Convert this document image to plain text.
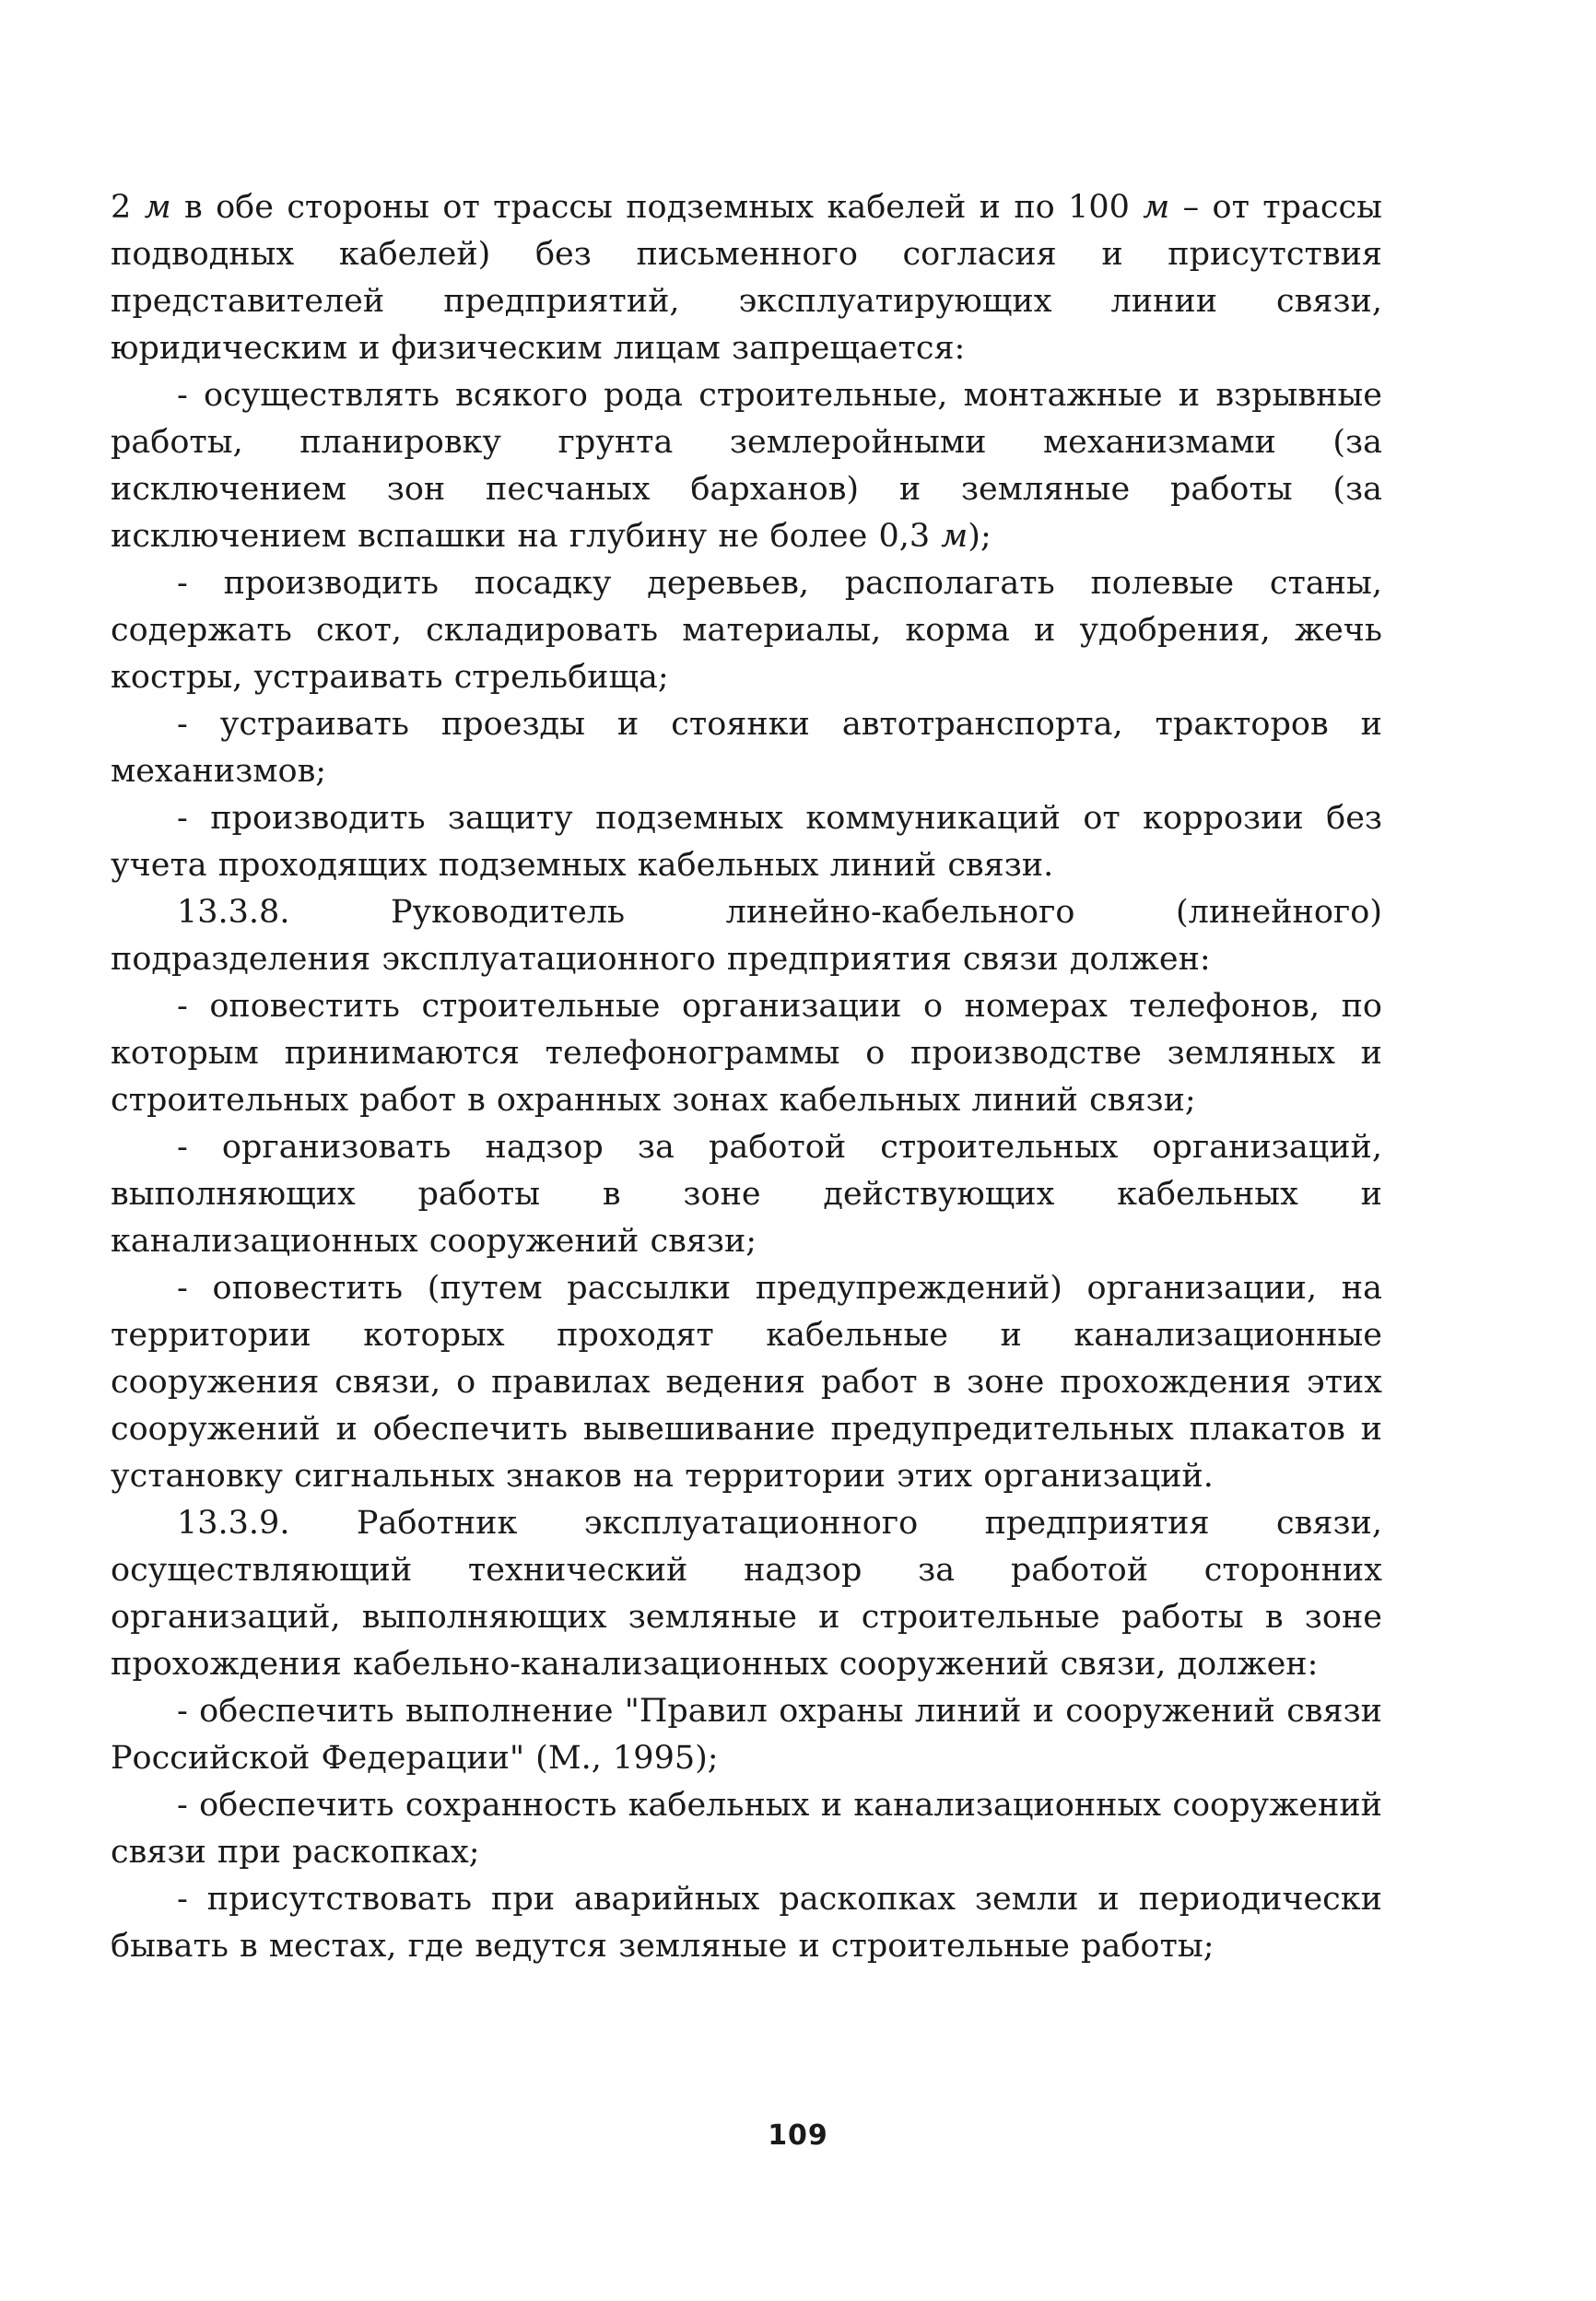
2 м в обе стороны от трассы подземных кабелей и по 100 м – от трассы подводных кабелей) без письменного согласия и присутствия представителей предприятий, эксплуатирующих линии связи, юридическим и физическим лицам запрещается:

- осуществлять всякого рода строительные, монтажные и взрывные работы, планировку грунта землеройными механизмами (за исключением зон песчаных барханов) и земляные работы (за исключением вспашки на глубину не более 0,3 м);

- производить посадку деревьев, располагать полевые станы, содержать скот, складировать материалы, корма и удобрения, жечь костры, устраивать стрельбища;

- устраивать проезды и стоянки автотранспорта, тракторов и механизмов;

- производить защиту подземных коммуникаций от коррозии без учета проходящих подземных кабельных линий связи.

13.3.8. Руководитель линейно-кабельного (линейного) подразделения эксплуатационного предприятия связи должен:

- оповестить строительные организации о номерах телефонов, по которым принимаются телефонограммы о производстве земляных и строительных работ в охранных зонах кабельных линий связи;

- организовать надзор за работой строительных организаций, выполняющих работы в зоне действующих кабельных и канализационных сооружений связи;

- оповестить (путем рассылки предупреждений) организации, на территории которых проходят кабельные и канализационные сооружения связи, о правилах ведения работ в зоне прохождения этих сооружений и обеспечить вывешивание предупредительных плакатов и установку сигнальных знаков на территории этих организаций.

13.3.9. Работник эксплуатационного предприятия связи, осуществляющий технический надзор за работой сторонних организаций, выполняющих земляные и строительные работы в зоне прохождения кабельно-канализационных сооружений связи, должен:

- обеспечить выполнение "Правил охраны линий и сооружений связи Российской Федерации" (М., 1995);

- обеспечить сохранность кабельных и канализационных сооружений связи при раскопках;

- присутствовать при аварийных раскопках земли и периодически бывать в местах, где ведутся земляные и строительные работы;

109
